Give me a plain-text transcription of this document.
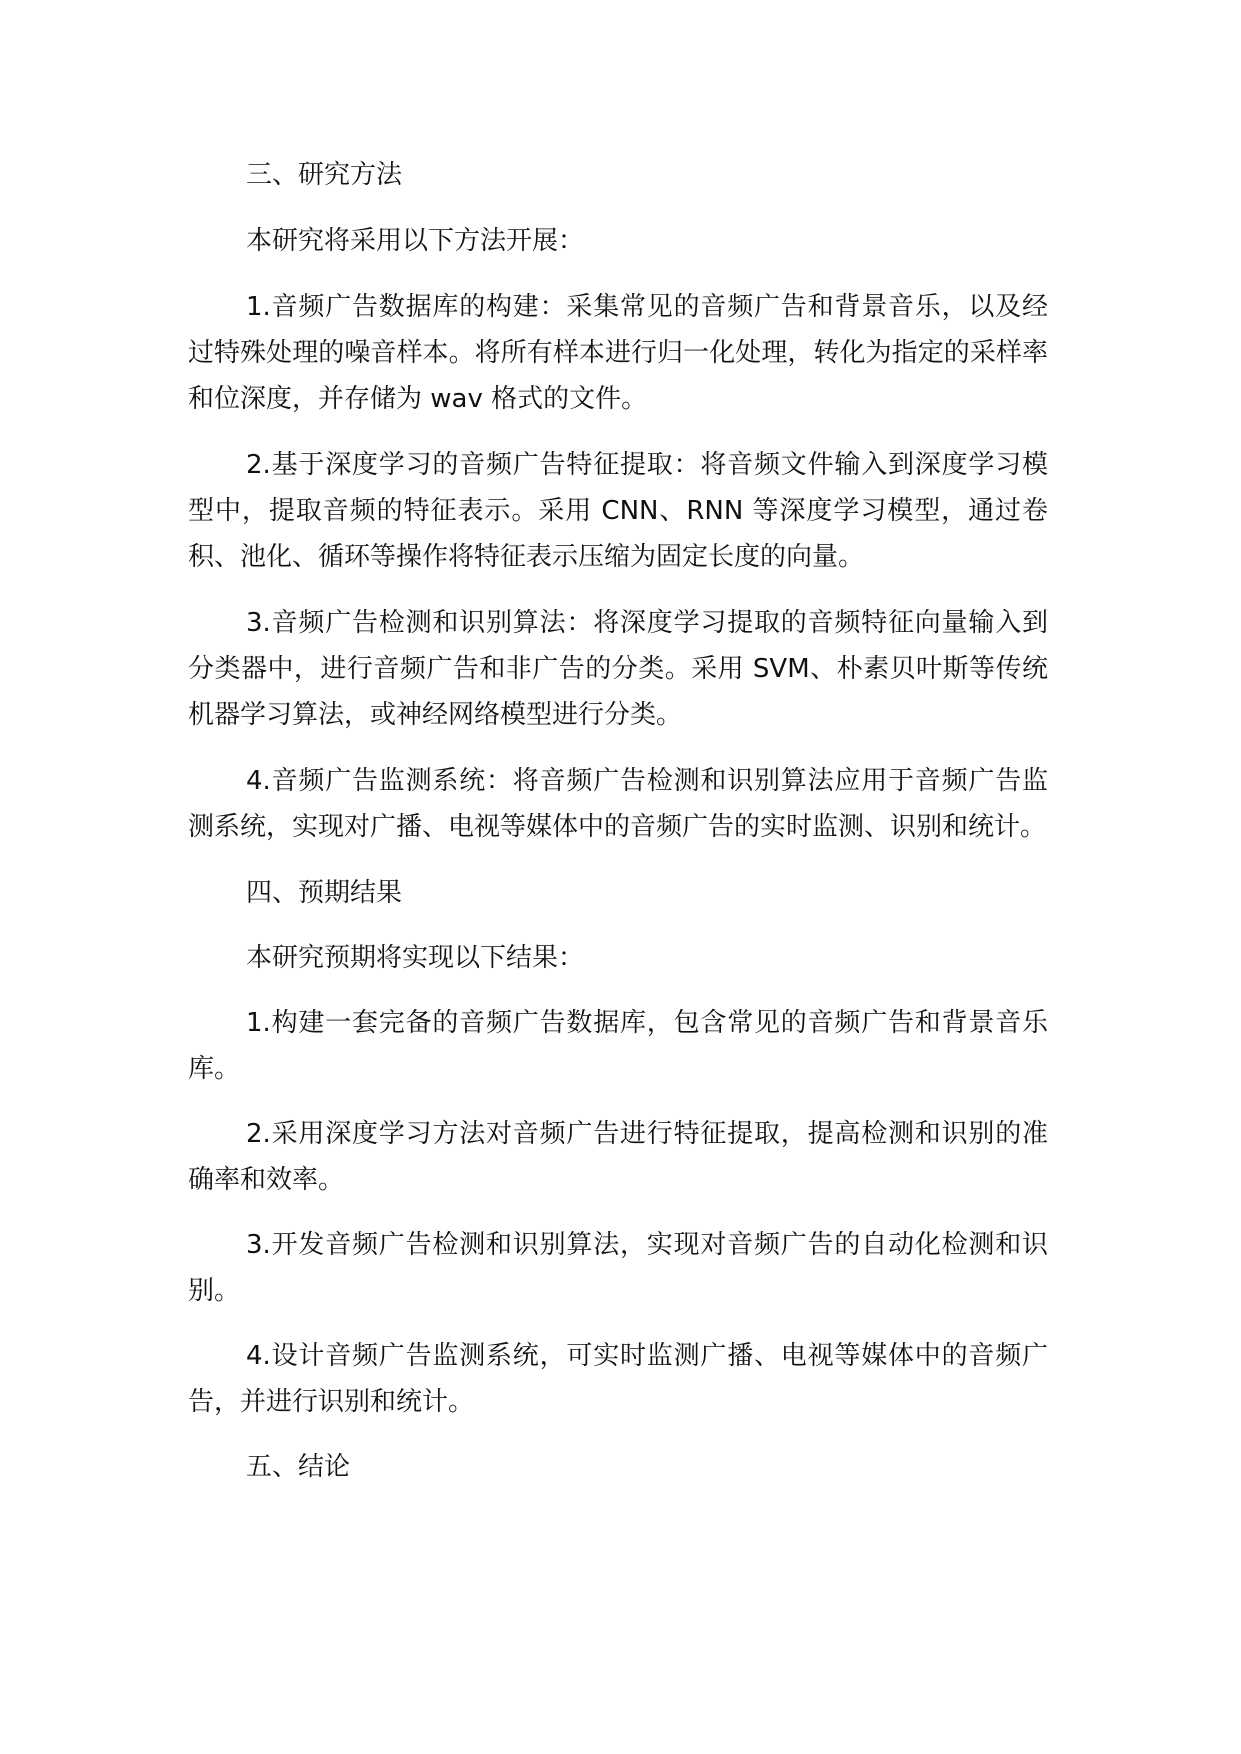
三、研究方法

本研究将采用以下方法开展：

1.音频广告数据库的构建：采集常见的音频广告和背景音乐，以及经过特殊处理的噪音样本。将所有样本进行归一化处理，转化为指定的采样率和位深度，并存储为 wav 格式的文件。

2.基于深度学习的音频广告特征提取：将音频文件输入到深度学习模型中，提取音频的特征表示。采用 CNN、RNN 等深度学习模型，通过卷积、池化、循环等操作将特征表示压缩为固定长度的向量。

3.音频广告检测和识别算法：将深度学习提取的音频特征向量输入到分类器中，进行音频广告和非广告的分类。采用 SVM、朴素贝叶斯等传统机器学习算法，或神经网络模型进行分类。

4.音频广告监测系统：将音频广告检测和识别算法应用于音频广告监测系统，实现对广播、电视等媒体中的音频广告的实时监测、识别和统计。

四、预期结果

本研究预期将实现以下结果：

1.构建一套完备的音频广告数据库，包含常见的音频广告和背景音乐库。

2.采用深度学习方法对音频广告进行特征提取，提高检测和识别的准确率和效率。

3.开发音频广告检测和识别算法，实现对音频广告的自动化检测和识别。

4.设计音频广告监测系统，可实时监测广播、电视等媒体中的音频广告，并进行识别和统计。

五、结论
